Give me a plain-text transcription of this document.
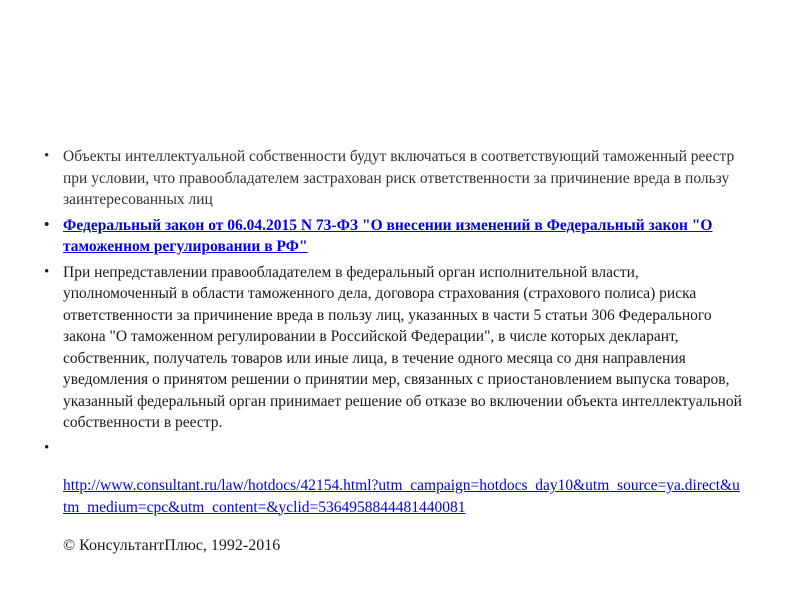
• Объекты интеллектуальной собственности будут включаться в соответствующий таможенный реестр при условии, что правообладателем застрахован риск ответственности за причинение вреда в пользу заинтересованных лиц
• Федеральный закон от 06.04.2015 N 73-ФЗ "О внесении изменений в Федеральный закон "О таможенном регулировании в РФ"
• При непредставлении правообладателем в федеральный орган исполнительной власти, уполномоченный в области таможенного дела, договора страхования (страхового полиса) риска ответственности за причинение вреда в пользу лиц, указанных в части 5 статьи 306 Федерального закона "О таможенном регулировании в Российской Федерации", в числе которых декларант, собственник, получатель товаров или иные лица, в течение одного месяца со дня направления уведомления о принятом решении о принятии мер, связанных с приостановлением выпуска товаров, указанный федеральный орган принимает решение об отказе во включении объекта интеллектуальной собственности в реестр.
•
http://www.consultant.ru/law/hotdocs/42154.html?utm_campaign=hotdocs_day10&utm_source=ya.direct&utm_medium=cpc&utm_content=&yclid=5364958844481440081
© КонсультантПлюс, 1992-2016
